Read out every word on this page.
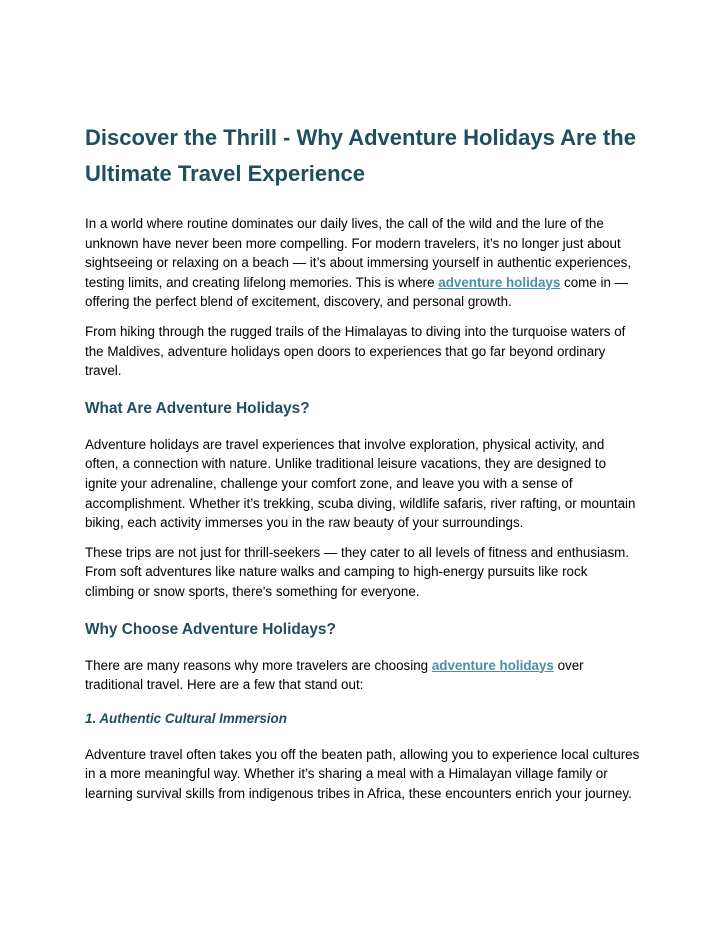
Discover the Thrill - Why Adventure Holidays Are the Ultimate Travel Experience

In a world where routine dominates our daily lives, the call of the wild and the lure of the unknown have never been more compelling. For modern travelers, it’s no longer just about sightseeing or relaxing on a beach — it’s about immersing yourself in authentic experiences, testing limits, and creating lifelong memories. This is where adventure holidays come in — offering the perfect blend of excitement, discovery, and personal growth.

From hiking through the rugged trails of the Himalayas to diving into the turquoise waters of the Maldives, adventure holidays open doors to experiences that go far beyond ordinary travel.

What Are Adventure Holidays?

Adventure holidays are travel experiences that involve exploration, physical activity, and often, a connection with nature. Unlike traditional leisure vacations, they are designed to ignite your adrenaline, challenge your comfort zone, and leave you with a sense of accomplishment. Whether it’s trekking, scuba diving, wildlife safaris, river rafting, or mountain biking, each activity immerses you in the raw beauty of your surroundings.

These trips are not just for thrill-seekers — they cater to all levels of fitness and enthusiasm. From soft adventures like nature walks and camping to high-energy pursuits like rock climbing or snow sports, there's something for everyone.

Why Choose Adventure Holidays?

There are many reasons why more travelers are choosing adventure holidays over traditional travel. Here are a few that stand out:

1. Authentic Cultural Immersion

Adventure travel often takes you off the beaten path, allowing you to experience local cultures in a more meaningful way. Whether it’s sharing a meal with a Himalayan village family or learning survival skills from indigenous tribes in Africa, these encounters enrich your journey.
